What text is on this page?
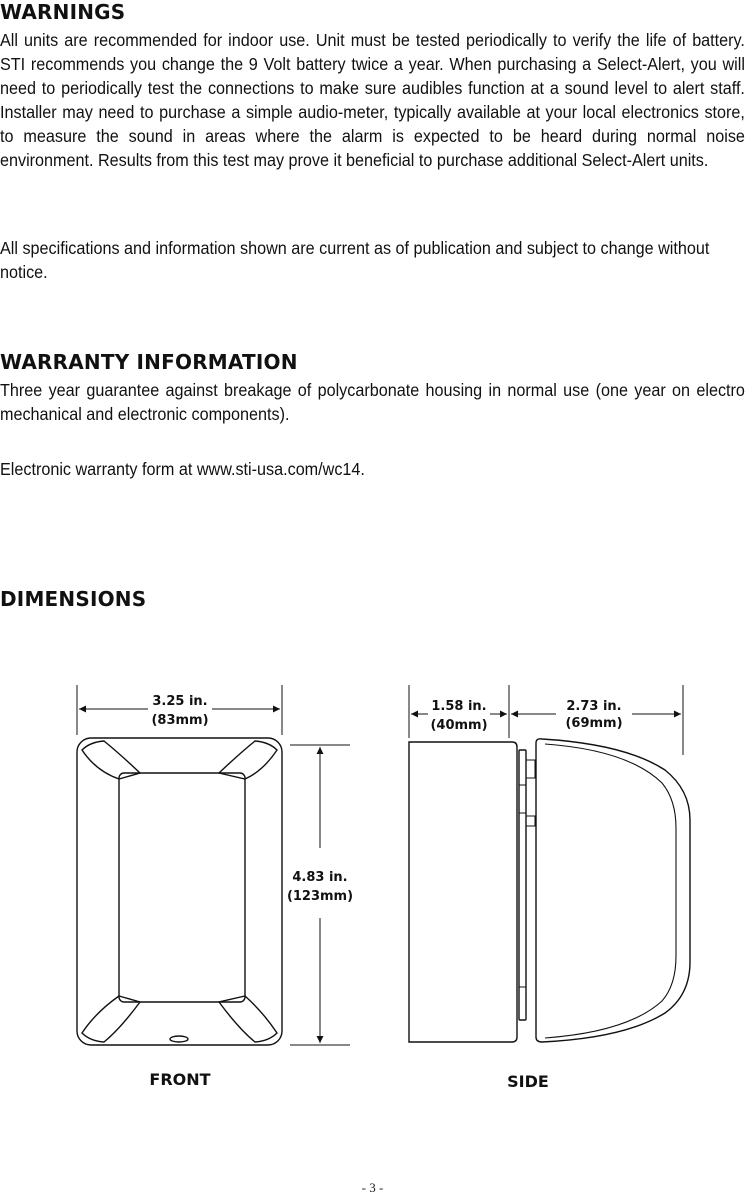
WARNINGS

All units are recommended for indoor use. Unit must be tested periodically to verify the life of battery. STI recommends you change the 9 Volt battery twice a year. When purchasing a Select-Alert, you will need to periodically test the connections to make sure audibles function at a sound level to alert staff. Installer may need to purchase a simple audio-meter, typically available at your local electronics store, to measure the sound in areas where the alarm is expected to be heard during normal noise environment. Results from this test may prove it beneficial to purchase additional Select-Alert units.

All specifications and information shown are current as of publication and subject to change without notice.

WARRANTY INFORMATION

Three year guarantee against breakage of polycarbonate housing in normal use (one year on electro mechanical and electronic components).

Electronic warranty form at www.sti-usa.com/wc14.

DIMENSIONS
3.25 in.
(83mm)
4.83 in.
(123mm)
FRONT
1.58 in.
(40mm)
2.73 in.
(69mm)
SIDE
- 3 -
